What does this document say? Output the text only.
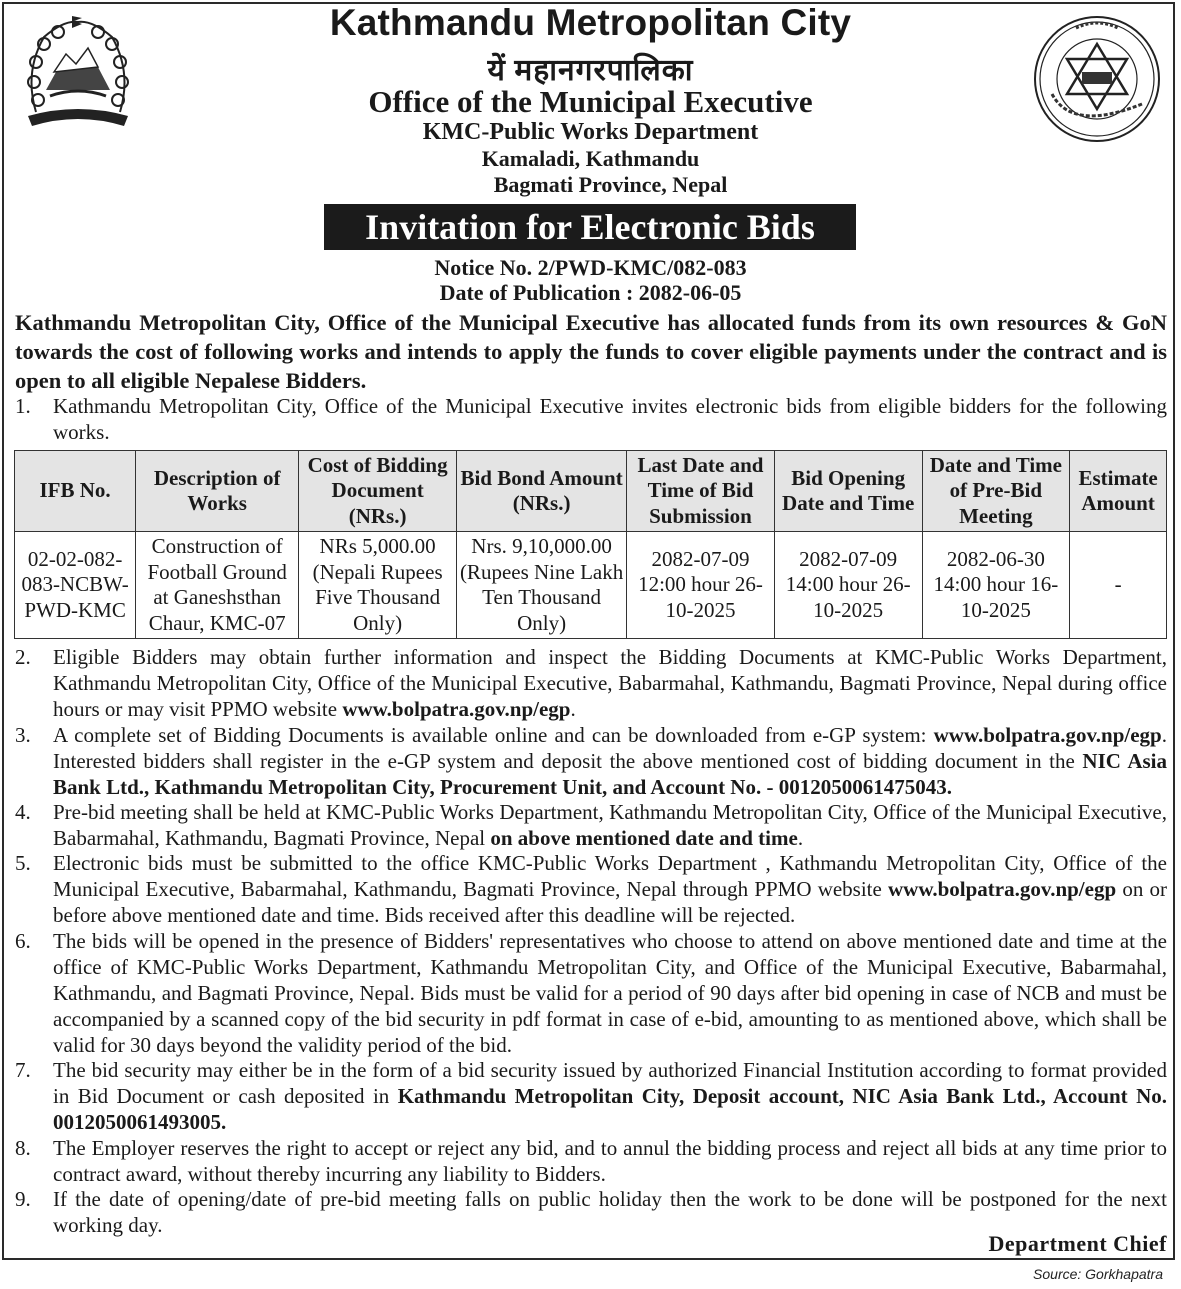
Kathmandu Metropolitan City
यें महानगरपालिका
Office of the Municipal Executive
KMC-Public Works Department
Kamaladi, Kathmandu
Bagmati Province, Nepal
Invitation for Electronic Bids
Notice No. 2/PWD-KMC/082-083
Date of Publication : 2082-06-05
Kathmandu Metropolitan City, Office of the Municipal Executive has allocated funds from its own resources & GoN towards the cost of following works and intends to apply the funds to cover eligible payments under the contract and is open to all eligible Nepalese Bidders.
1.	Kathmandu Metropolitan City, Office of the Municipal Executive invites electronic bids from eligible bidders for the following works.
IFB No.	Description of Works	Cost of Bidding Document (NRs.)	Bid Bond Amount (NRs.)	Last Date and Time of Bid Submission	Bid Opening Date and Time	Date and Time of Pre-Bid Meeting	Estimate Amount
02-02-082-083-NCBW-PWD-KMC	Construction of Football Ground at Ganeshsthan Chaur, KMC-07	NRs 5,000.00 (Nepali Rupees Five Thousand Only)	Nrs. 9,10,000.00 (Rupees Nine Lakh Ten Thousand Only)	2082-07-09 12:00 hour 26-10-2025	2082-07-09 14:00 hour 26-10-2025	2082-06-30 14:00 hour 16-10-2025	-
2.	Eligible Bidders may obtain further information and inspect the Bidding Documents at KMC-Public Works Department, Kathmandu Metropolitan City, Office of the Municipal Executive, Babarmahal, Kathmandu, Bagmati Province, Nepal during office hours or may visit PPMO website www.bolpatra.gov.np/egp.
3.	A complete set of Bidding Documents is available online and can be downloaded from e-GP system: www.bolpatra.gov.np/egp. Interested bidders shall register in the e-GP system and deposit the above mentioned cost of bidding document in the NIC Asia Bank Ltd., Kathmandu Metropolitan City, Procurement Unit, and Account No. - 0012050061475043.
4.	Pre-bid meeting shall be held at KMC-Public Works Department, Kathmandu Metropolitan City, Office of the Municipal Executive, Babarmahal, Kathmandu, Bagmati Province, Nepal on above mentioned date and time.
5.	Electronic bids must be submitted to the office KMC-Public Works Department , Kathmandu Metropolitan City, Office of the Municipal Executive, Babarmahal, Kathmandu, Bagmati Province, Nepal through PPMO website www.bolpatra.gov.np/egp on or before above mentioned date and time. Bids received after this deadline will be rejected.
6.	The bids will be opened in the presence of Bidders' representatives who choose to attend on above mentioned date and time at the office of KMC-Public Works Department, Kathmandu Metropolitan City, and Office of the Municipal Executive, Babarmahal, Kathmandu, and Bagmati Province, Nepal. Bids must be valid for a period of 90 days after bid opening in case of NCB and must be accompanied by a scanned copy of the bid security in pdf format in case of e-bid, amounting to as mentioned above, which shall be valid for 30 days beyond the validity period of the bid.
7.	The bid security may either be in the form of a bid security issued by authorized Financial Institution according to format provided in Bid Document or cash deposited in Kathmandu Metropolitan City, Deposit account, NIC Asia Bank Ltd., Account No. 0012050061493005.
8.	The Employer reserves the right to accept or reject any bid, and to annul the bidding process and reject all bids at any time prior to contract award, without thereby incurring any liability to Bidders.
9.	If the date of opening/date of pre-bid meeting falls on public holiday then the work to be done will be postponed for the next working day.
Department Chief
Source: Gorkhapatra
